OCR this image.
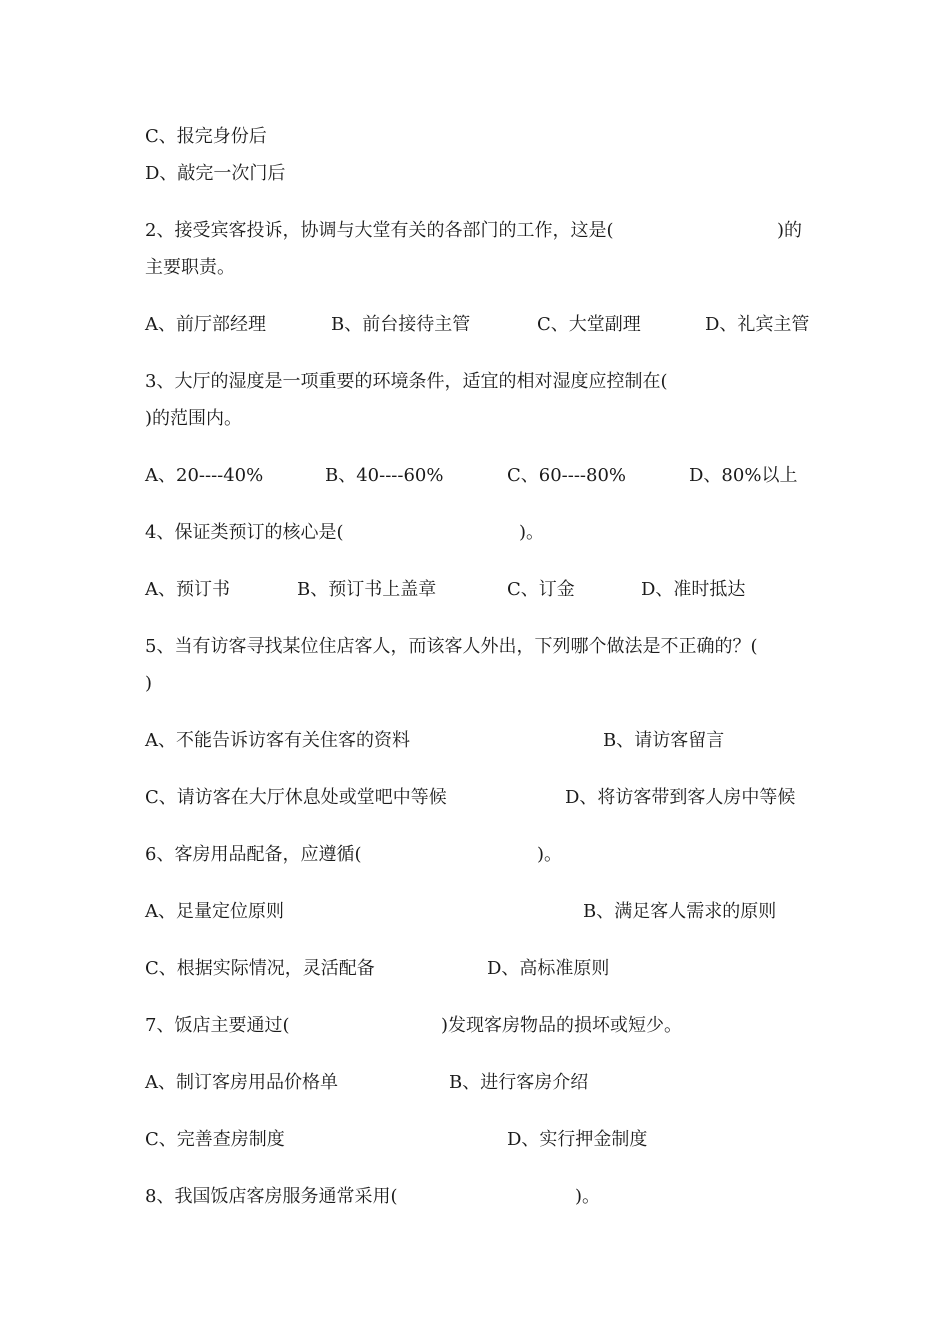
C、报完身份后
D、敲完一次门后

2、接受宾客投诉，协调与大堂有关的各部门的工作，这是(

	)的

主要职责。

A、前厅部经理

	B、前台接待主管

	C、大堂副理

	D、礼宾主管

3、大厅的湿度是一项重要的环境条件，适宜的相对湿度应控制在(
)的范围内。

A、20----40%

	B、40----60%

	C、60----80%

	D、80%以上

4、保证类预订的核心是(

	)。

A、预订书

	B、预订书上盖章

	C、订金

	D、准时抵达

5、当有访客寻找某位住店客人，而该客人外出，下列哪个做法是不正确的？(
)

A、不能告诉访客有关住客的资料

	B、请访客留言

C、请访客在大厅休息处或堂吧中等候

	D、将访客带到客人房中等候

6、客房用品配备，应遵循(

	)。

A、足量定位原则

	B、满足客人需求的原则

C、根据实际情况，灵活配备

	D、高标准原则

7、饭店主要通过(

	)发现客房物品的损坏或短少。

A、制订客房用品价格单

	B、进行客房介绍

C、完善查房制度

	D、实行押金制度

8、我国饭店客房服务通常采用(

	)。
